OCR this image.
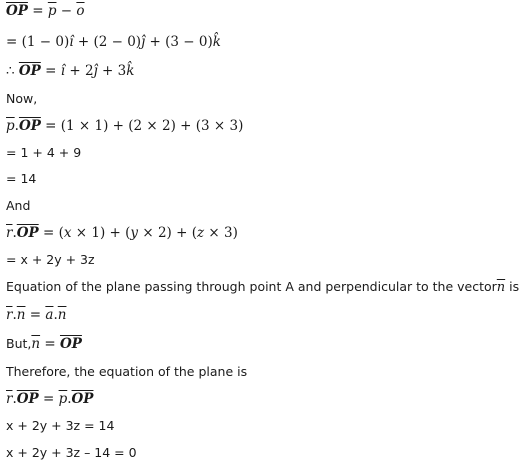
$\overline{OP} = \overline{p} - \overline{o}$
= (1 − 0)î + (2 − 0)ĵ + (3 − 0)k̂
∴ $\overline{OP}$ = î + 2ĵ + 3k̂
Now,
$\overline{p}.\overline{OP} = (1 \times 1) + (2 \times 2) + (3 \times 3)$
= 1 + 4 + 9
= 14
And
$\overline{r}.\overline{OP} = (x \times 1) + (y \times 2) + (z \times 3)$
= x + 2y + 3z
Equation of the plane passing through point A and perpendicular to the $vector\overline{n}$ is
$\overline{r}.\overline{n} = \overline{a}.\overline{n}$
$But,\overline{n} = \overline{OP}$
Therefore, the equation of the plane is
$\overline{r}.\overline{OP} = \overline{p}.\overline{OP}$
x + 2y + 3z = 14
x + 2y + 3z – 14 = 0
